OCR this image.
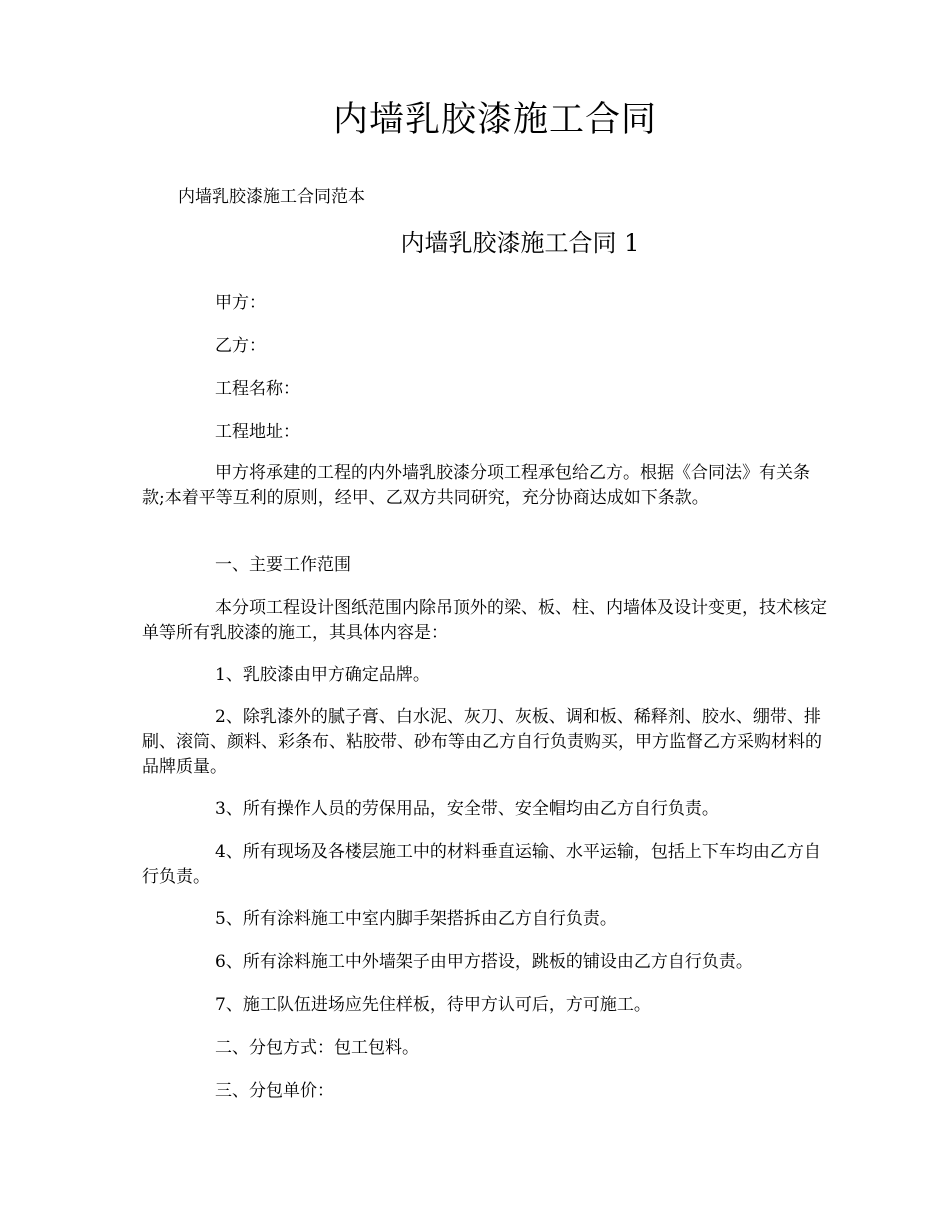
内墙乳胶漆施工合同
内墙乳胶漆施工合同范本
内墙乳胶漆施工合同 1

甲方：

乙方：

工程名称：

工程地址：

甲方将承建的工程的内外墙乳胶漆分项工程承包给乙方。根据《合同法》有关条款;本着平等互利的原则，经甲、乙双方共同研究，充分协商达成如下条款。

一、主要工作范围

本分项工程设计图纸范围内除吊顶外的梁、板、柱、内墙体及设计变更，技术核定单等所有乳胶漆的施工，其具体内容是：

1、乳胶漆由甲方确定品牌。

2、除乳漆外的腻子膏、白水泥、灰刀、灰板、调和板、稀释剂、胶水、绷带、排刷、滚筒、颜料、彩条布、粘胶带、砂布等由乙方自行负责购买，甲方监督乙方采购材料的品牌质量。

3、所有操作人员的劳保用品，安全带、安全帽均由乙方自行负责。

4、所有现场及各楼层施工中的材料垂直运输、水平运输，包括上下车均由乙方自行负责。

5、所有涂料施工中室内脚手架搭拆由乙方自行负责。

6、所有涂料施工中外墙架子由甲方搭设，跳板的铺设由乙方自行负责。

7、施工队伍进场应先住样板，待甲方认可后，方可施工。

二、分包方式：包工包料。

三、分包单价：
